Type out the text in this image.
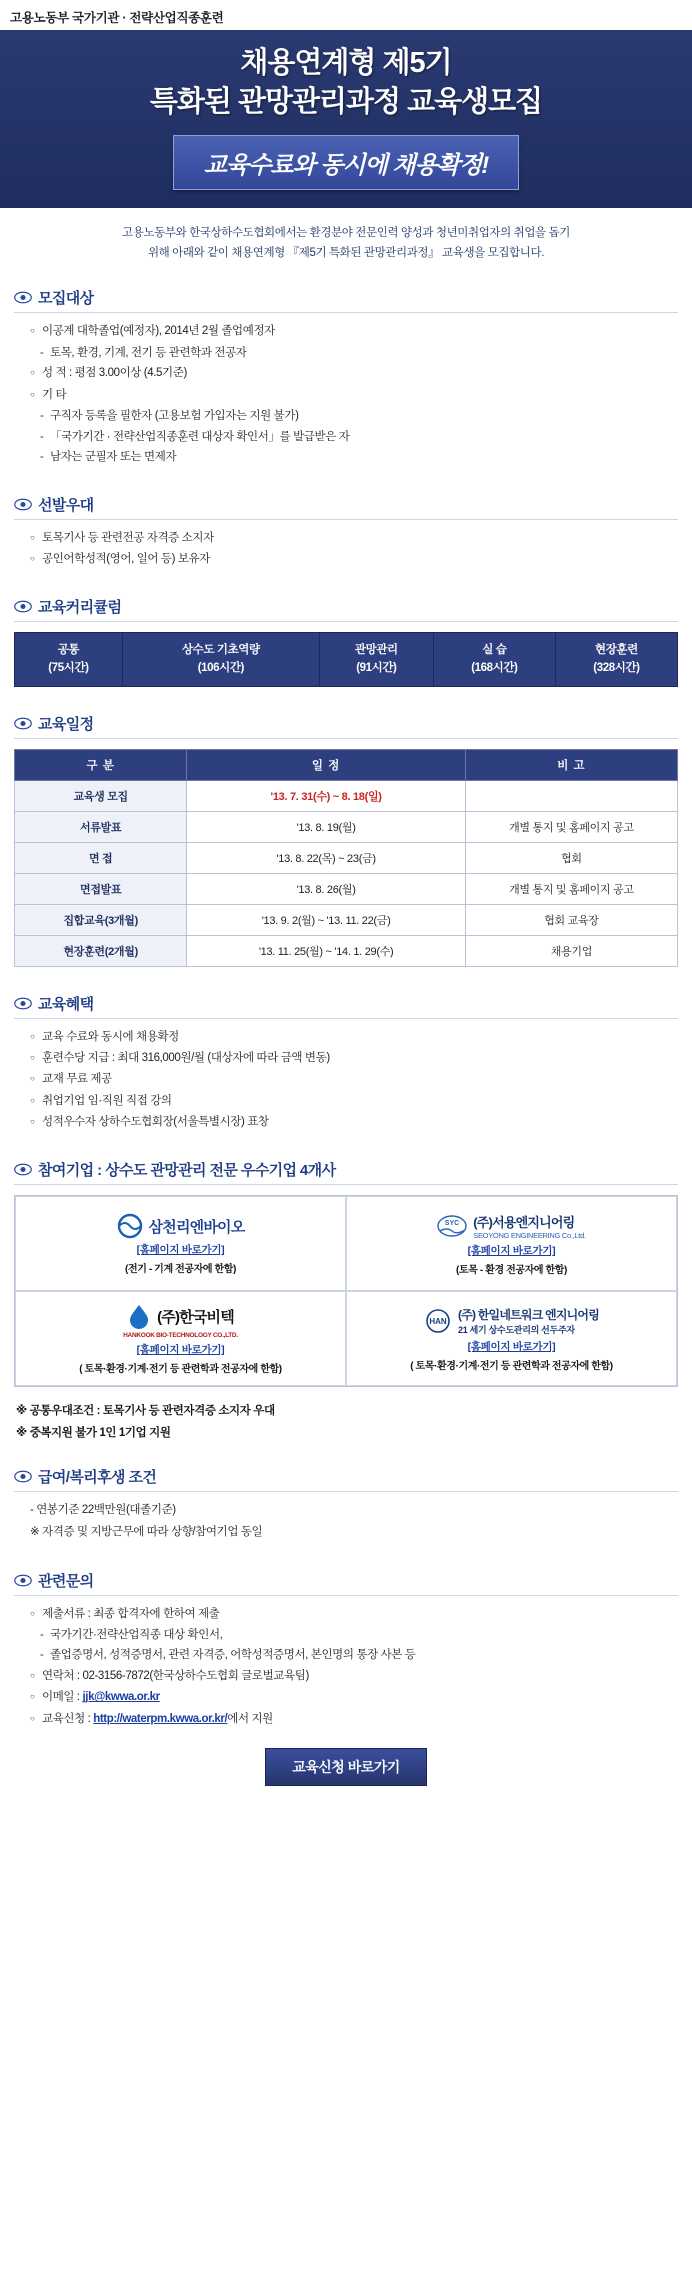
고용노동부 국가기관 · 전략산업직종훈련
채용연계형 제5기
특화된 관망관리과정 교육생모집
교육수료와 동시에 채용확정!
고용노동부와 한국상하수도협회에서는 환경분야 전문인력 양성과 청년미취업자의 취업을 돕기
위해 아래와 같이 채용연계형 『제5기 특화된 관망관리과정』 교육생을 모집합니다.
모집대상
○ 이공계 대학졸업(예정자), 2014년 2월 졸업예정자
- 토목, 환경, 기계, 전기 등 관련학과 전공자
○ 성 적 : 평점 3.00이상 (4.5기준)
○ 기 타
- 구직자 등록을 필한자 (고용보험 가입자는 지원 불가)
- 「국가기간 · 전략산업직종훈련 대상자 확인서」를 발급받은 자
- 남자는 군필자 또는 면제자
선발우대
○ 토목기사 등 관련전공 자격증 소지자
○ 공인어학성적(영어, 일어 등) 보유자
교육커리큘럼
공통
(75시간)

상수도 기초역량
(106시간)

관망관리
(91시간)

실 습
(168시간)

현장훈련
(328시간)
교육일정
구 분	일 정	비 고
교육생 모집	'13. 7. 31(수) ~ 8. 18(일)	
서류발표	'13. 8. 19(월)	개별 통지 및 홈페이지 공고
면 접	'13. 8. 22(목) ~ 23(금)	협회
면접발표	'13. 8. 26(월)	개별 통지 및 홈페이지 공고
집합교육(3개월)	'13. 9. 2(월) ~ '13. 11. 22(금)	협회 교육장
현장훈련(2개월)	'13. 11. 25(월) ~ '14. 1. 29(수)	채용기업
교육혜택
○ 교육 수료와 동시에 채용확정
○ 훈련수당 지급 : 최대 316,000원/월 (대상자에 따라 금액 변동)
○ 교재 무료 제공
○ 취업기업 임·직원 직접 강의
○ 성적우수자 상하수도협회장(서울특별시장) 표창
참여기업 : 상수도 관망관리 전문 우수기업 4개사
삼천리엔바이오
[홈페이지 바로가기]
(전기 - 기계 전공자에 한함)
SYC (주)서용엔지니어링
SEOYONG ENGINEERING Co.,Ltd.
[홈페이지 바로가기]
(토목 - 환경 전공자에 한함)
(주)한국비텍
HANKOOK BIO-TECHNOLOGY CO.,LTD.
[홈페이지 바로가기]
( 토목·환경·기계·전기 등 관련학과 전공자에 한함)
HAN (주) 한일네트워크 엔지니어링
21 세기 상수도관리의 선두주자
[홈페이지 바로가기]
( 토목·환경·기계·전기 등 관련학과 전공자에 한함)
※ 공통우대조건 : 토목기사 등 관련자격증 소지자 우대
※ 중복지원 불가 1인 1기업 지원
급여/복리후생 조건
- 연봉기준 22백만원(대졸기준)
※ 자격증 및 지방근무에 따라 상향/참여기업 동일
관련문의
○ 제출서류 : 최종 합격자에 한하여 제출
- 국가기간·전략산업직종 대상 확인서,
- 졸업증명서, 성적증명서, 관련 자격증, 어학성적증명서, 본인명의 통장 사본 등
○ 연락처 : 02-3156-7872(한국상하수도협회 글로벌교육팀)
○ 이메일 : jjk@kwwa.or.kr
○ 교육신청 : http://waterpm.kwwa.or.kr/에서 지원
교육신청 바로가기
